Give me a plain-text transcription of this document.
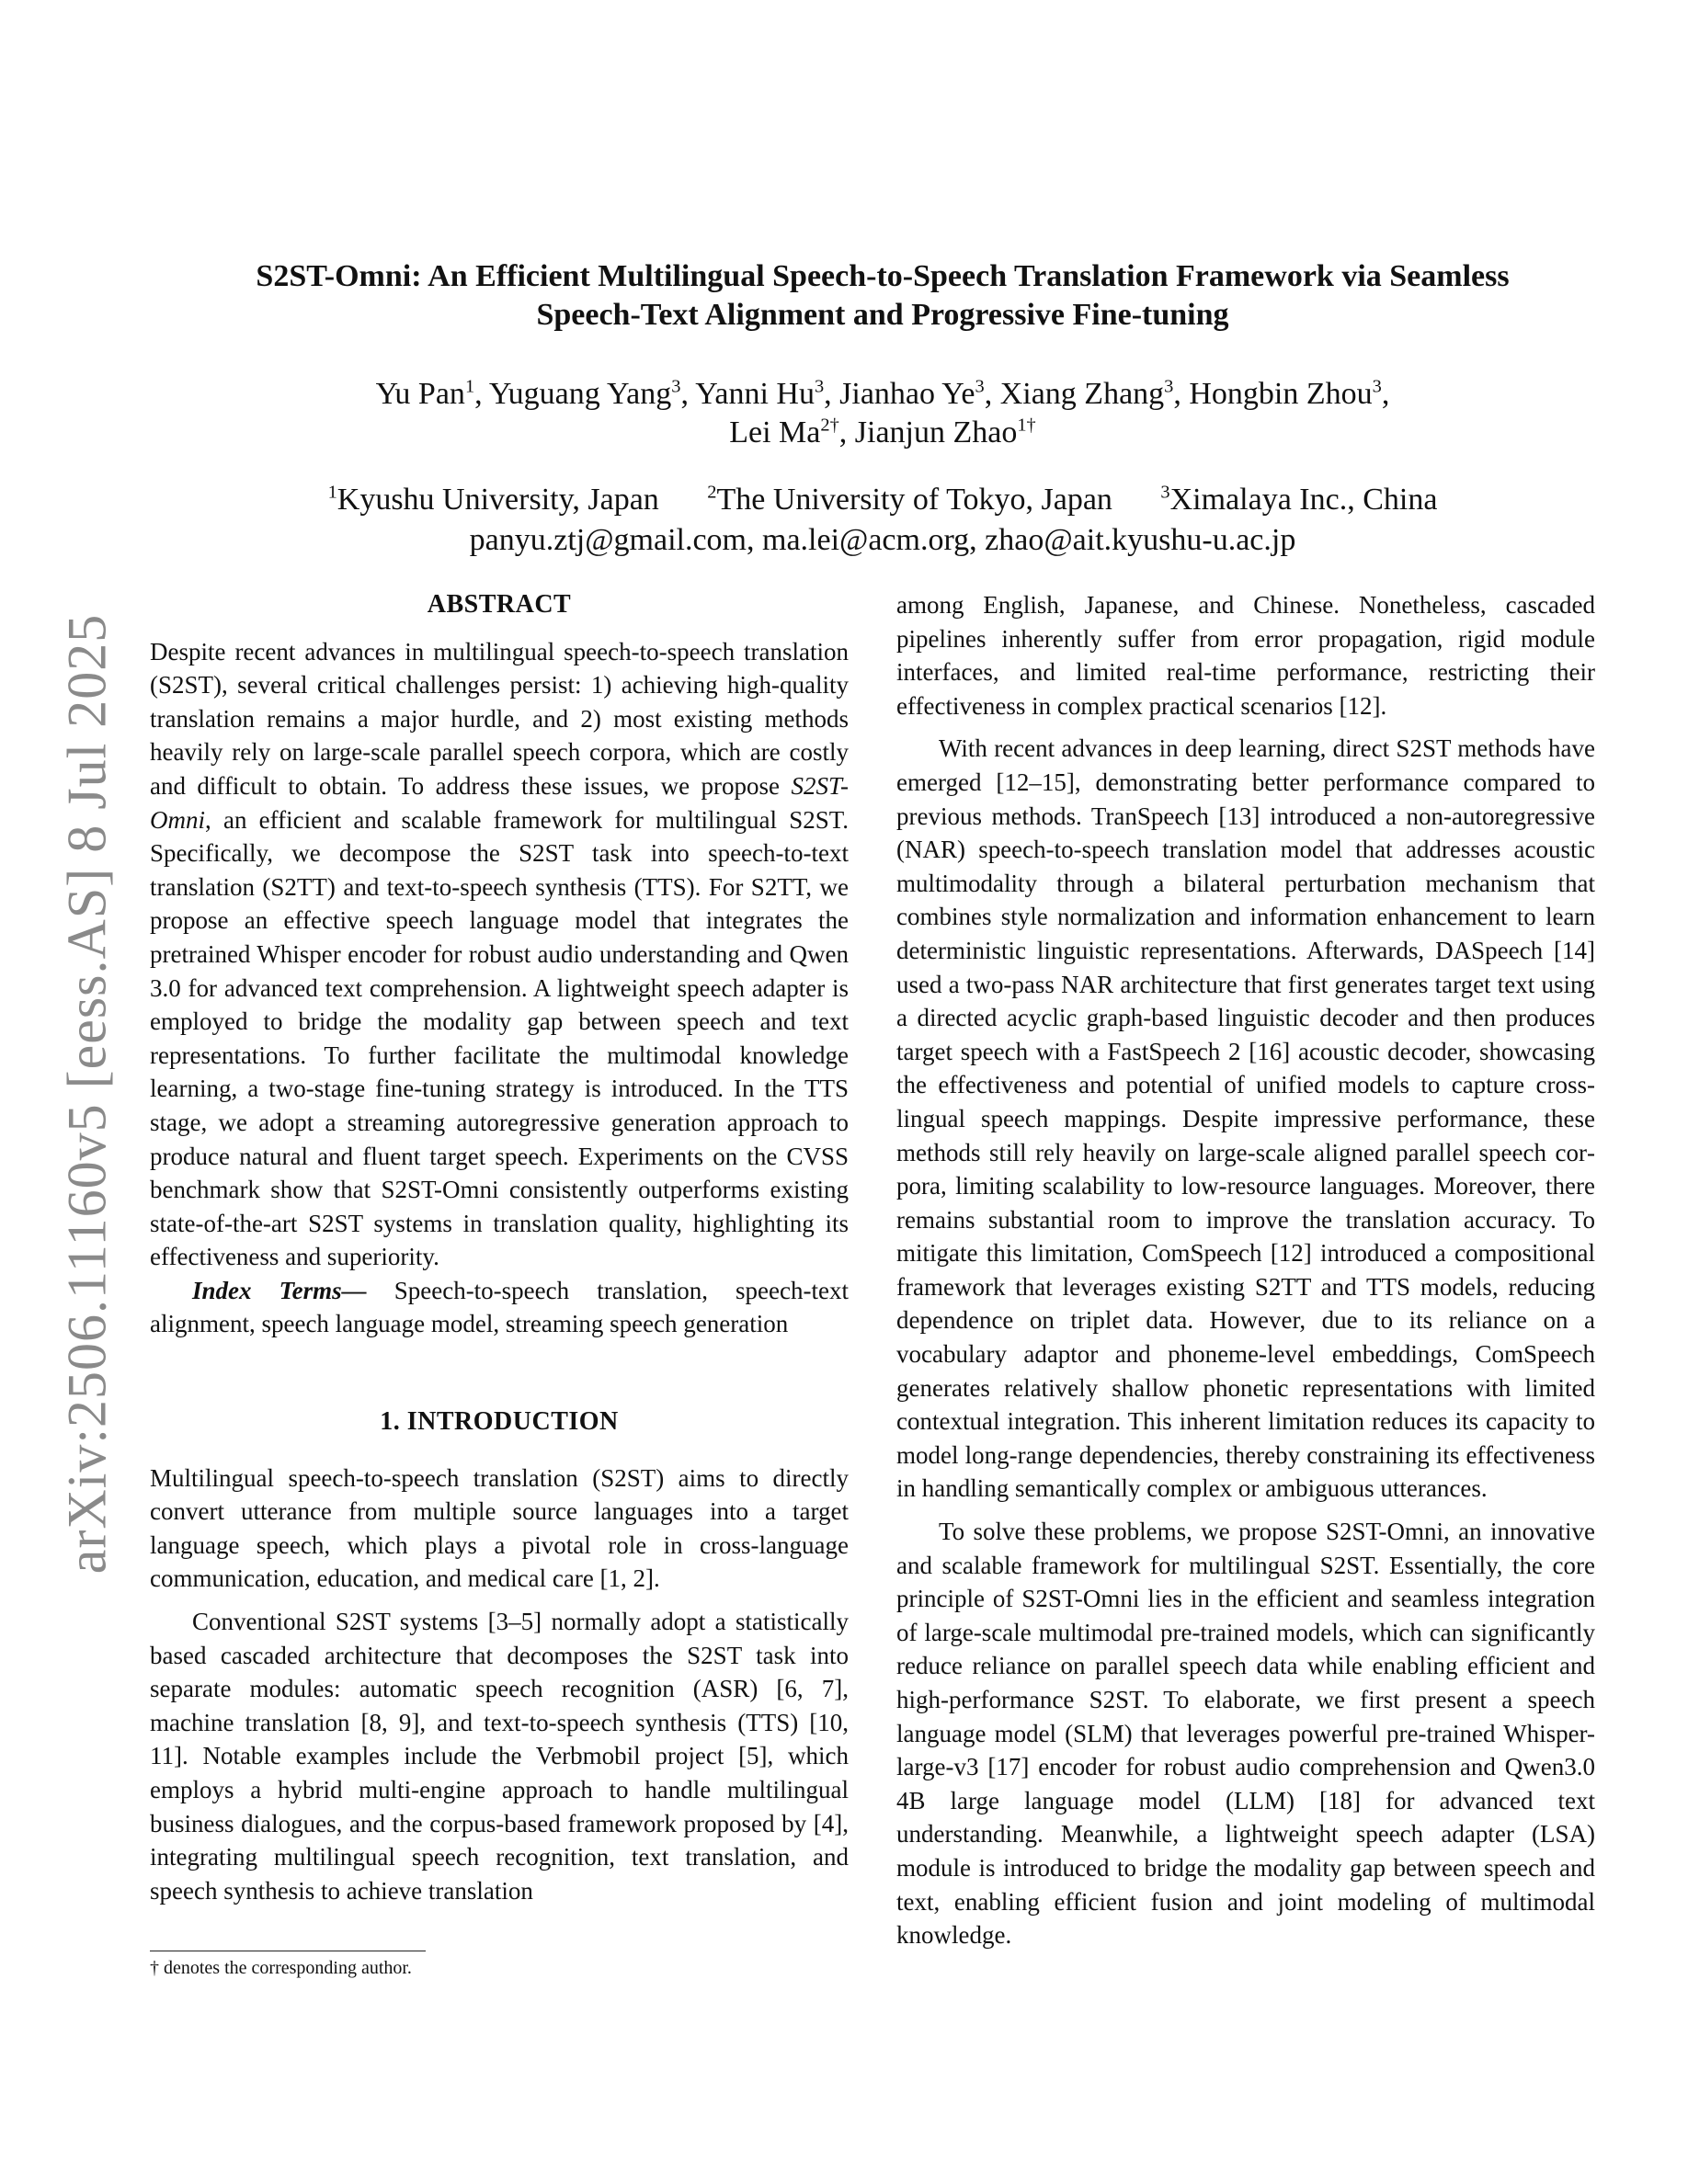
arXiv:2506.11160v5 [eess.AS] 8 Jul 2025
S2ST-Omni: An Efficient Multilingual Speech-to-Speech Translation Framework via Seamless
Speech-Text Alignment and Progressive Fine-tuning
Yu Pan$^1$, Yuguang Yang$^3$, Yanni Hu$^3$, Jianhao Ye$^3$, Xiang Zhang$^3$, Hongbin Zhou$^3$,
Lei $Ma^{2\dagger}$, Jianjun Zhao$^{1\dagger}$
$^1$Kyushu University, Japan	$^2$The University of Tokyo, Japan	$^3$Ximalaya Inc., China
panyu.ztj@gmail.com, ma.lei@acm.org, zhao@ait.kyushu-u.ac.jp
ABSTRACT

Despite recent advances in multilingual speech-to-speech translation (S2ST), several critical challenges persist: 1) achieving high-quality translation remains a major hurdle, and 2) most existing methods heavily rely on large-scale parallel speech corpora, which are costly and difficult to obtain. To address these issues, we propose S2ST-Omni, an efficient and scalable framework for multilingual S2ST. Specifically, we decompose the S2ST task into speech-to-text translation (S2TT) and text-to-speech synthesis (TTS). For S2TT, we propose an effective speech language model that integrates the pretrained Whisper encoder for robust audio understanding and Qwen 3.0 for advanced text comprehension. A lightweight speech adapter is employed to bridge the modality gap between speech and text representations. To further facilitate the multimodal knowledge learning, a two-stage fine-tuning strategy is introduced. In the TTS stage, we adopt a streaming autoregressive generation approach to produce natural and fluent target speech. Experiments on the CVSS benchmark show that S2ST-Omni consistently outperforms existing state-of-the-art S2ST systems in translation quality, highlighting its effectiveness and superiority.

Index Terms— Speech-to-speech translation, speech-text alignment, speech language model, streaming speech generation

1. INTRODUCTION

Multilingual speech-to-speech translation (S2ST) aims to directly convert utterance from multiple source languages into a target language speech, which plays a pivotal role in cross-language communication, education, and medical care [1, 2].

Conventional S2ST systems [3–5] normally adopt a statistically based cascaded architecture that decomposes the S2ST task into separate modules: automatic speech recognition (ASR) [6, 7], machine translation [8, 9], and text-to-speech synthesis (TTS) [10, 11]. Notable examples include the Verbmobil project [5], which employs a hybrid multi-engine approach to handle multilingual business dialogues, and the corpus-based framework proposed by [4], integrating multilingual speech recognition, text translation, and speech synthesis to achieve translation

among English, Japanese, and Chinese. Nonetheless, cascaded pipelines inherently suffer from error propagation, rigid module interfaces, and limited real-time performance, restricting their effectiveness in complex practical scenarios [12].

With recent advances in deep learning, direct S2ST methods have emerged [12–15], demonstrating better performance compared to previous methods. TranSpeech [13] introduced a non-autoregressive (NAR) speech-to-speech translation model that addresses acoustic multimodality through a bilateral perturbation mechanism that combines style normalization and information enhancement to learn deterministic linguistic representations. Afterwards, DASpeech [14] used a two-pass NAR architecture that first generates target text using a directed acyclic graph-based linguistic decoder and then produces target speech with a FastSpeech 2 [16] acoustic decoder, showcasing the effectiveness and potential of unified models to capture cross-lingual speech mappings. Despite impressive performance, these methods still rely heavily on large-scale aligned parallel speech corpora, limiting scalability to low-resource languages. Moreover, there remains substantial room to improve the translation accuracy. To mitigate this limitation, ComSpeech [12] introduced a compositional framework that leverages existing S2TT and TTS models, reducing dependence on triplet data. However, due to its reliance on a vocabulary adaptor and phoneme-level embeddings, ComSpeech generates relatively shallow phonetic representations with limited contextual integration. This inherent limitation reduces its capacity to model long-range dependencies, thereby constraining its effectiveness in handling semantically complex or ambiguous utterances.

To solve these problems, we propose S2ST-Omni, an innovative and scalable framework for multilingual S2ST. Essentially, the core principle of S2ST-Omni lies in the efficient and seamless integration of large-scale multimodal pre-trained models, which can significantly reduce reliance on parallel speech data while enabling efficient and high-performance S2ST. To elaborate, we first present a speech language model (SLM) that leverages powerful pre-trained Whisper-large-v3 [17] encoder for robust audio comprehension and Qwen3.0 4B large language model (LLM) [18] for advanced text understanding. Meanwhile, a lightweight speech adapter (LSA) module is introduced to bridge the modality gap between speech and text, enabling efficient fusion and joint modeling of multimodal knowledge.

† denotes the corresponding author.
